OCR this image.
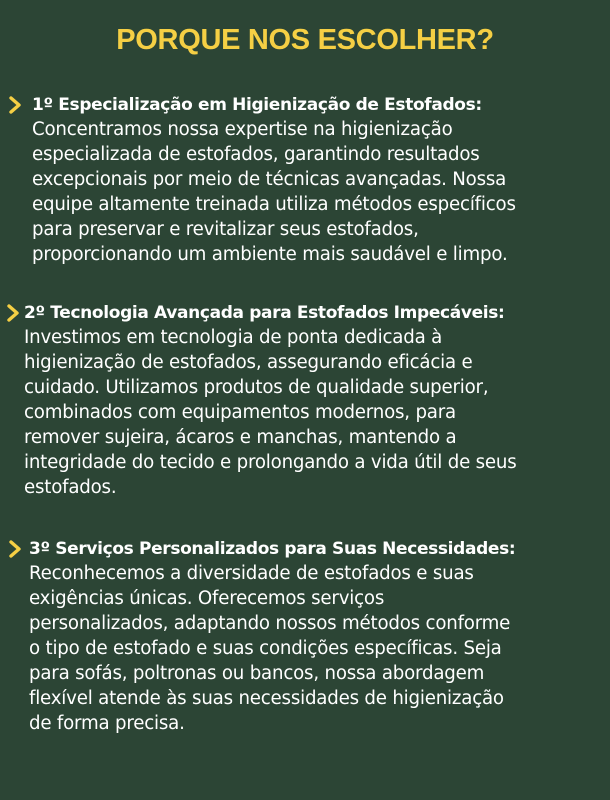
PORQUE NOS ESCOLHER?
1º Especialização em Higienização de Estofados:

Concentramos nossa expertise na higienização
especializada de estofados, garantindo resultados
excepcionais por meio de técnicas avançadas. Nossa
equipe altamente treinada utiliza métodos específicos
para preservar e revitalizar seus estofados,
proporcionando um ambiente mais saudável e limpo.

2º Tecnologia Avançada para Estofados Impecáveis:

Investimos em tecnologia de ponta dedicada à
higienização de estofados, assegurando eficácia e
cuidado. Utilizamos produtos de qualidade superior,
combinados com equipamentos modernos, para
remover sujeira, ácaros e manchas, mantendo a
integridade do tecido e prolongando a vida útil de seus
estofados.

3º Serviços Personalizados para Suas Necessidades:

Reconhecemos a diversidade de estofados e suas
exigências únicas. Oferecemos serviços
personalizados, adaptando nossos métodos conforme
o tipo de estofado e suas condições específicas. Seja
para sofás, poltronas ou bancos, nossa abordagem
flexível atende às suas necessidades de higienização
de forma precisa.
